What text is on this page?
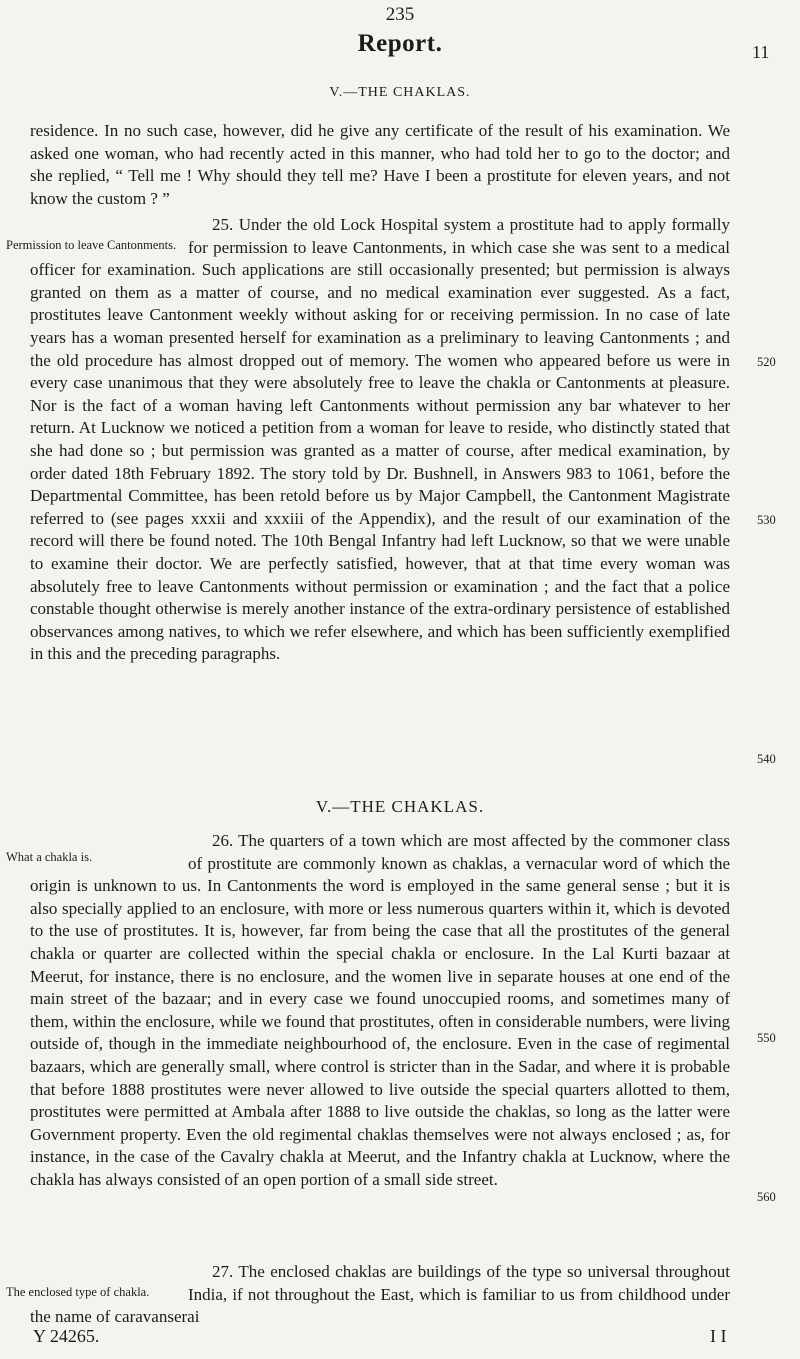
235
Report.	11
V.—THE CHAKLAS.

residence. In no such case, however, did he give any certificate of the result of his examination. We asked one woman, who had recently acted in this manner, who had told her to go to the doctor; and she replied, “ Tell me ! Why should they tell me? Have I been a prostitute for eleven years, and not know the custom ? ”

Permission to leave Cantonments.

25. Under the old Lock Hospital system a prostitute had to apply formally for permission to leave Cantonments, in which case she was sent to a medical officer for examination. Such applications are still occasionally presented; but permission is always granted on them as a matter of course, and no medical examination ever suggested. As a fact, prostitutes leave Cantonment weekly without asking for or receiving permission. In no case of late years has a woman presented herself for examination as a preliminary to leaving Cantonments ; and the old procedure has almost dropped out of memory. The women who appeared before us were in every case unanimous that they were absolutely free to leave the chakla or Cantonments at pleasure. Nor is the fact of a woman having left Cantonments without permission any bar whatever to her return. At Lucknow we noticed a petition from a woman for leave to reside, who distinctly stated that she had done so ; but permission was granted as a matter of course, after medical examination, by order dated 18th February 1892. The story told by Dr. Bushnell, in Answers 983 to 1061, before the Departmental Committee, has been retold before us by Major Campbell, the Cantonment Magistrate referred to (see pages xxxii and xxxiii of the Appendix), and the result of our examination of the record will there be found noted. The 10th Bengal Infantry had left Lucknow, so that we were unable to examine their doctor. We are perfectly satisfied, however, that at that time every woman was absolutely free to leave Cantonments without permission or examination ; and the fact that a police constable thought otherwise is merely another instance of the extra-ordinary persistence of established observances among natives, to which we refer elsewhere, and which has been sufficiently exemplified in this and the preceding paragraphs.

V.—THE CHAKLAS.
What a chakla is.

26. The quarters of a town which are most affected by the commoner class of prostitute are commonly known as chaklas, a vernacular word of which the origin is unknown to us. In Cantonments the word is employed in the same general sense ; but it is also specially applied to an enclosure, with more or less numerous quarters within it, which is devoted to the use of prostitutes. It is, however, far from being the case that all the prostitutes of the general chakla or quarter are collected within the special chakla or enclosure. In the Lal Kurti bazaar at Meerut, for instance, there is no enclosure, and the women live in separate houses at one end of the main street of the bazaar; and in every case we found unoccupied rooms, and sometimes many of them, within the enclosure, while we found that prostitutes, often in considerable numbers, were living outside of, though in the immediate neighbourhood of, the enclosure. Even in the case of regimental bazaars, which are generally small, where control is stricter than in the Sadar, and where it is probable that before 1888 prostitutes were never allowed to live outside the special quarters allotted to them, prostitutes were permitted at Ambala after 1888 to live outside the chaklas, so long as the latter were Government property. Even the old regimental chaklas themselves were not always enclosed ; as, for instance, in the case of the Cavalry chakla at Meerut, and the Infantry chakla at Lucknow, where the chakla has always consisted of an open portion of a small side street.

The enclosed type of chakla.

27. The enclosed chaklas are buildings of the type so universal throughout India, if not throughout the East, which is familiar to us from childhood under the name of caravanserai

520
530
540
550
560
Y 24265.	I I
